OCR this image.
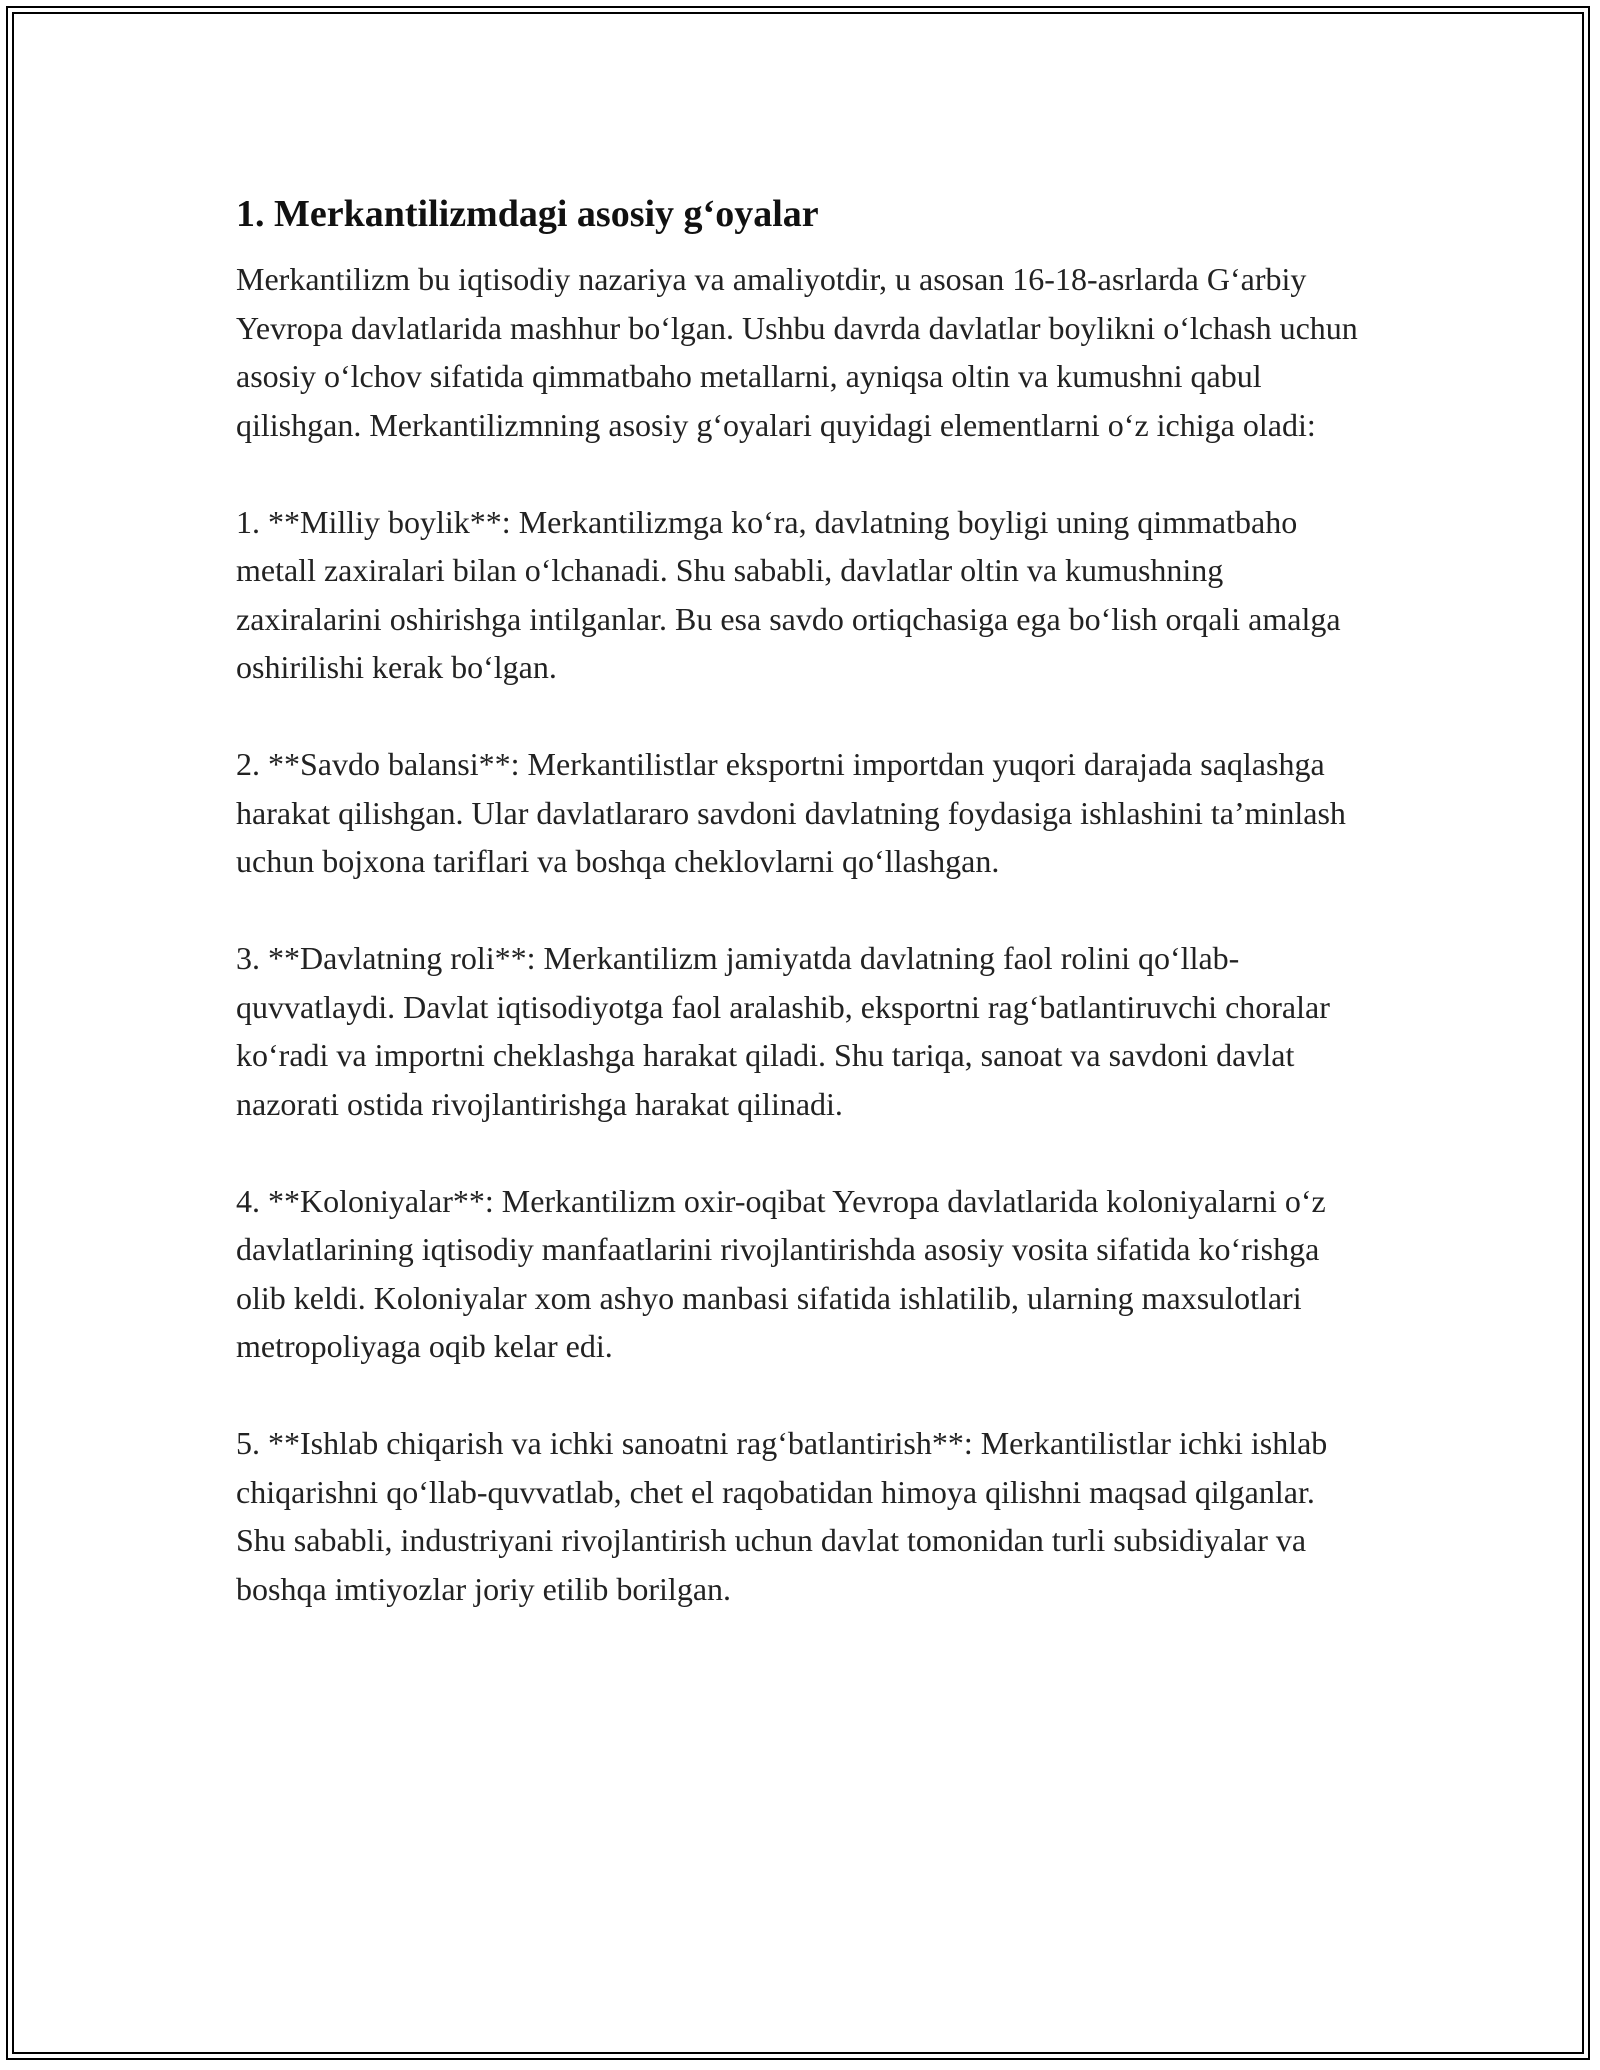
1. Merkantilizmdagi asosiy g‘oyalar

Merkantilizm bu iqtisodiy nazariya va amaliyotdir, u asosan 16-18-asrlarda G‘arbiy Yevropa davlatlarida mashhur bo‘lgan. Ushbu davrda davlatlar boylikni o‘lchash uchun asosiy o‘lchov sifatida qimmatbaho metallarni, ayniqsa oltin va kumushni qabul qilishgan. Merkantilizmning asosiy g‘oyalari quyidagi elementlarni o‘z ichiga oladi:

1. **Milliy boylik**: Merkantilizmga ko‘ra, davlatning boyligi uning qimmatbaho metall zaxiralari bilan o‘lchanadi. Shu sababli, davlatlar oltin va kumushning zaxiralarini oshirishga intilganlar. Bu esa savdo ortiqchasiga ega bo‘lish orqali amalga oshirilishi kerak bo‘lgan.

2. **Savdo balansi**: Merkantilistlar eksportni importdan yuqori darajada saqlashga harakat qilishgan. Ular davlatlararo savdoni davlatning foydasiga ishlashini ta’minlash uchun bojxona tariflari va boshqa cheklovlarni qo‘llashgan.

3. **Davlatning roli**: Merkantilizm jamiyatda davlatning faol rolini qo‘llab-quvvatlaydi. Davlat iqtisodiyotga faol aralashib, eksportni rag‘batlantiruvchi choralar ko‘radi va importni cheklashga harakat qiladi. Shu tariqa, sanoat va savdoni davlat nazorati ostida rivojlantirishga harakat qilinadi.

4. **Koloniyalar**: Merkantilizm oxir-oqibat Yevropa davlatlarida koloniyalarni o‘z davlatlarining iqtisodiy manfaatlarini rivojlantirishda asosiy vosita sifatida ko‘rishga olib keldi. Koloniyalar xom ashyo manbasi sifatida ishlatilib, ularning maxsulotlari metropoliyaga oqib kelar edi.

5. **Ishlab chiqarish va ichki sanoatni rag‘batlantirish**: Merkantilistlar ichki ishlab chiqarishni qo‘llab-quvvatlab, chet el raqobatidan himoya qilishni maqsad qilganlar. Shu sababli, industriyani rivojlantirish uchun davlat tomonidan turli subsidiyalar va boshqa imtiyozlar joriy etilib borilgan.
